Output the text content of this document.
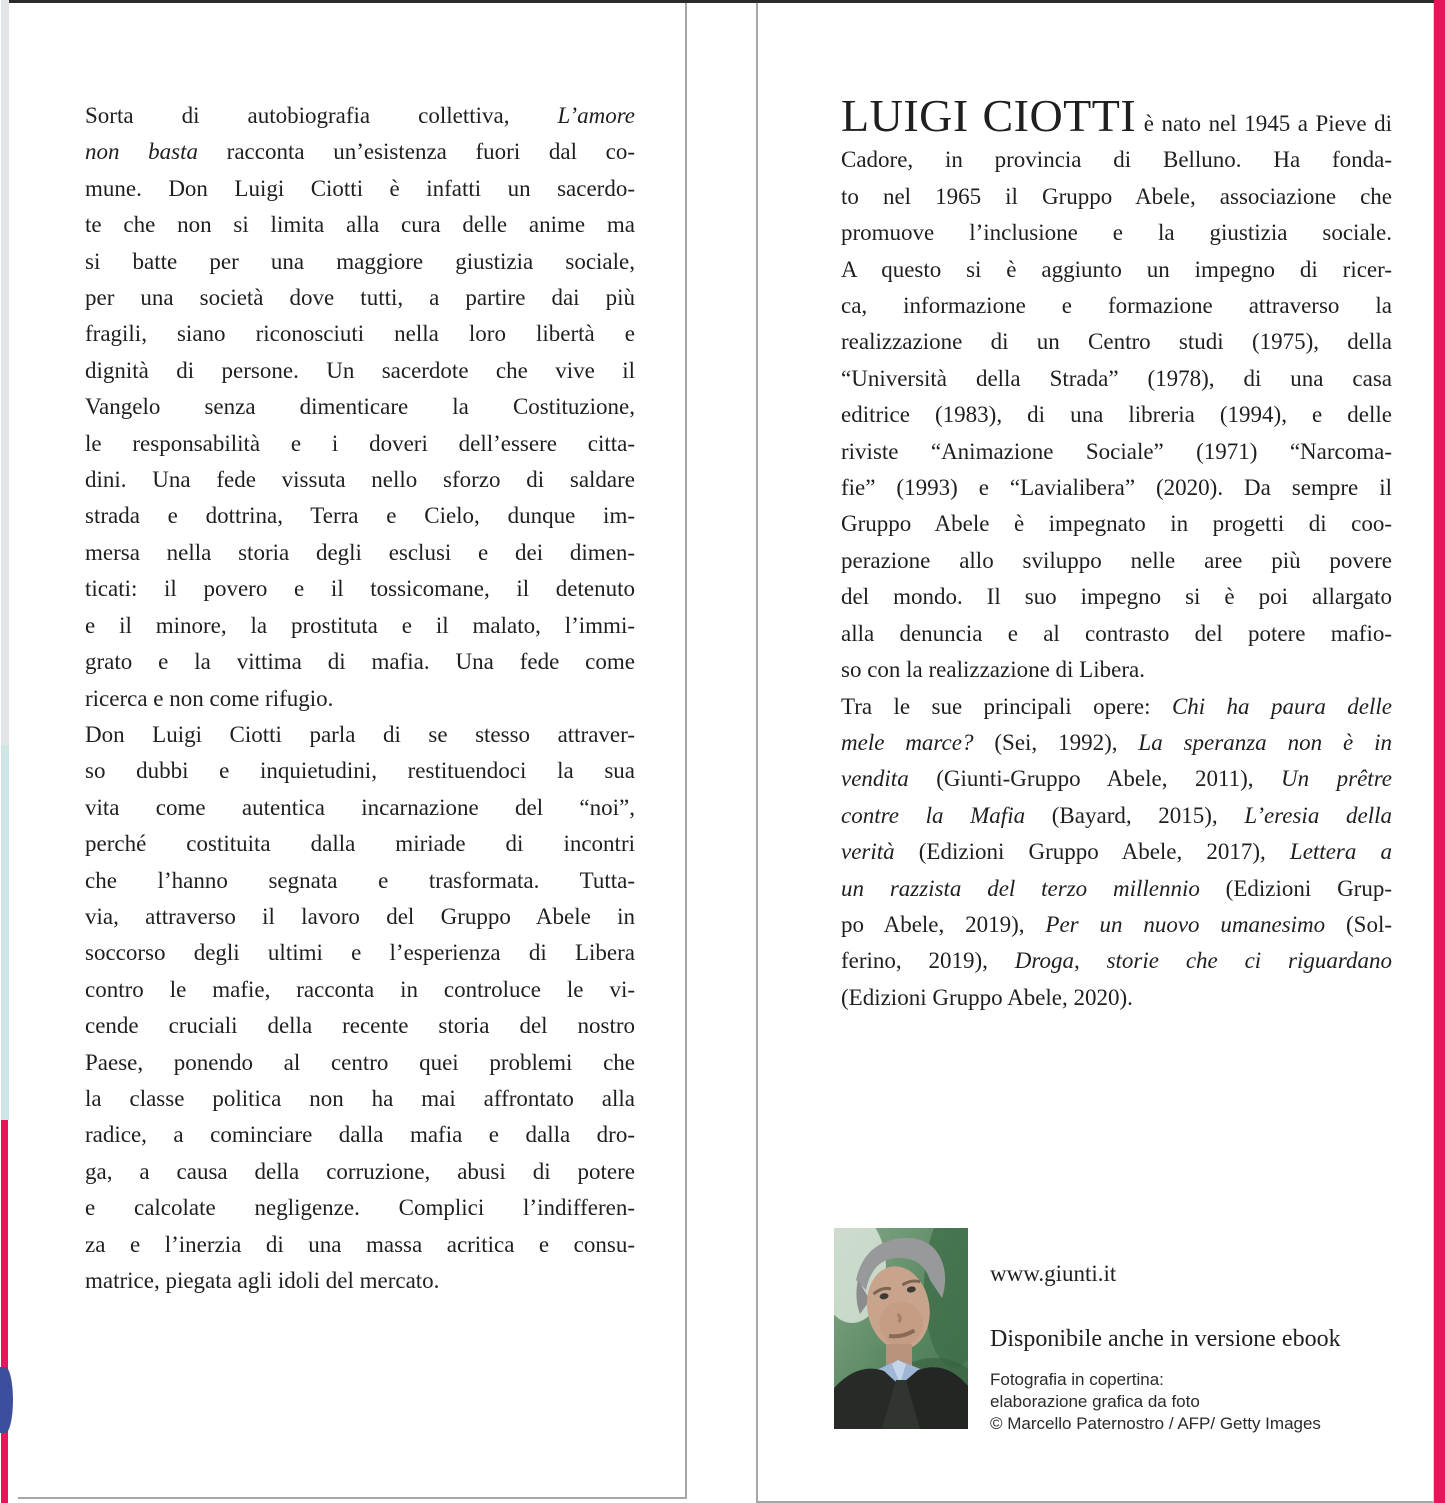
Sorta di autobiografia collettiva, L’amore
non basta racconta un’esistenza fuori dal co-
mune. Don Luigi Ciotti è infatti un sacerdo-
te che non si limita alla cura delle anime ma
si batte per una maggiore giustizia sociale,
per una società dove tutti, a partire dai più
fragili, siano riconosciuti nella loro libertà e
dignità di persone. Un sacerdote che vive il
Vangelo senza dimenticare la Costituzione,
le responsabilità e i doveri dell’essere citta-
dini. Una fede vissuta nello sforzo di saldare
strada e dottrina, Terra e Cielo, dunque im-
mersa nella storia degli esclusi e dei dimen-
ticati: il povero e il tossicomane, il detenuto
e il minore, la prostituta e il malato, l’immi-
grato e la vittima di mafia. Una fede come
ricerca e non come rifugio.
Don Luigi Ciotti parla di se stesso attraver-
so dubbi e inquietudini, restituendoci la sua
vita come autentica incarnazione del “noi”,
perché costituita dalla miriade di incontri
che l’hanno segnata e trasformata. Tutta-
via, attraverso il lavoro del Gruppo Abele in
soccorso degli ultimi e l’esperienza di Libera
contro le mafie, racconta in controluce le vi-
cende cruciali della recente storia del nostro
Paese, ponendo al centro quei problemi che
la classe politica non ha mai affrontato alla
radice, a cominciare dalla mafia e dalla dro-
ga, a causa della corruzione, abusi di potere
e calcolate negligenze. Complici l’indifferen-
za e l’inerzia di una massa acritica e consu-
matrice, piegata agli idoli del mercato.
LUIGI CIOTTI è nato nel 1945 a Pieve di
Cadore, in provincia di Belluno. Ha fonda-
to nel 1965 il Gruppo Abele, associazione che
promuove l’inclusione e la giustizia sociale.
A questo si è aggiunto un impegno di ricer-
ca, informazione e formazione attraverso la
realizzazione di un Centro studi (1975), della
“Università della Strada” (1978), di una casa
editrice (1983), di una libreria (1994), e delle
riviste “Animazione Sociale” (1971) “Narcoma-
fie” (1993) e “Lavialibera” (2020). Da sempre il
Gruppo Abele è impegnato in progetti di coo-
perazione allo sviluppo nelle aree più povere
del mondo. Il suo impegno si è poi allargato
alla denuncia e al contrasto del potere mafio-
so con la realizzazione di Libera.
Tra le sue principali opere: Chi ha paura delle
mele marce? (Sei, 1992), La speranza non è in
vendita (Giunti-Gruppo Abele, 2011), Un prêtre
contre la Mafia (Bayard, 2015), L’eresia della
verità (Edizioni Gruppo Abele, 2017), Lettera a
un razzista del terzo millennio (Edizioni Grup-
po Abele, 2019), Per un nuovo umanesimo (Sol-
ferino, 2019), Droga, storie che ci riguardano
(Edizioni Gruppo Abele, 2020).
www.giunti.it
Disponibile anche in versione ebook
Fotografia in copertina:
elaborazione grafica da foto
© Marcello Paternostro / AFP/ Getty Images
